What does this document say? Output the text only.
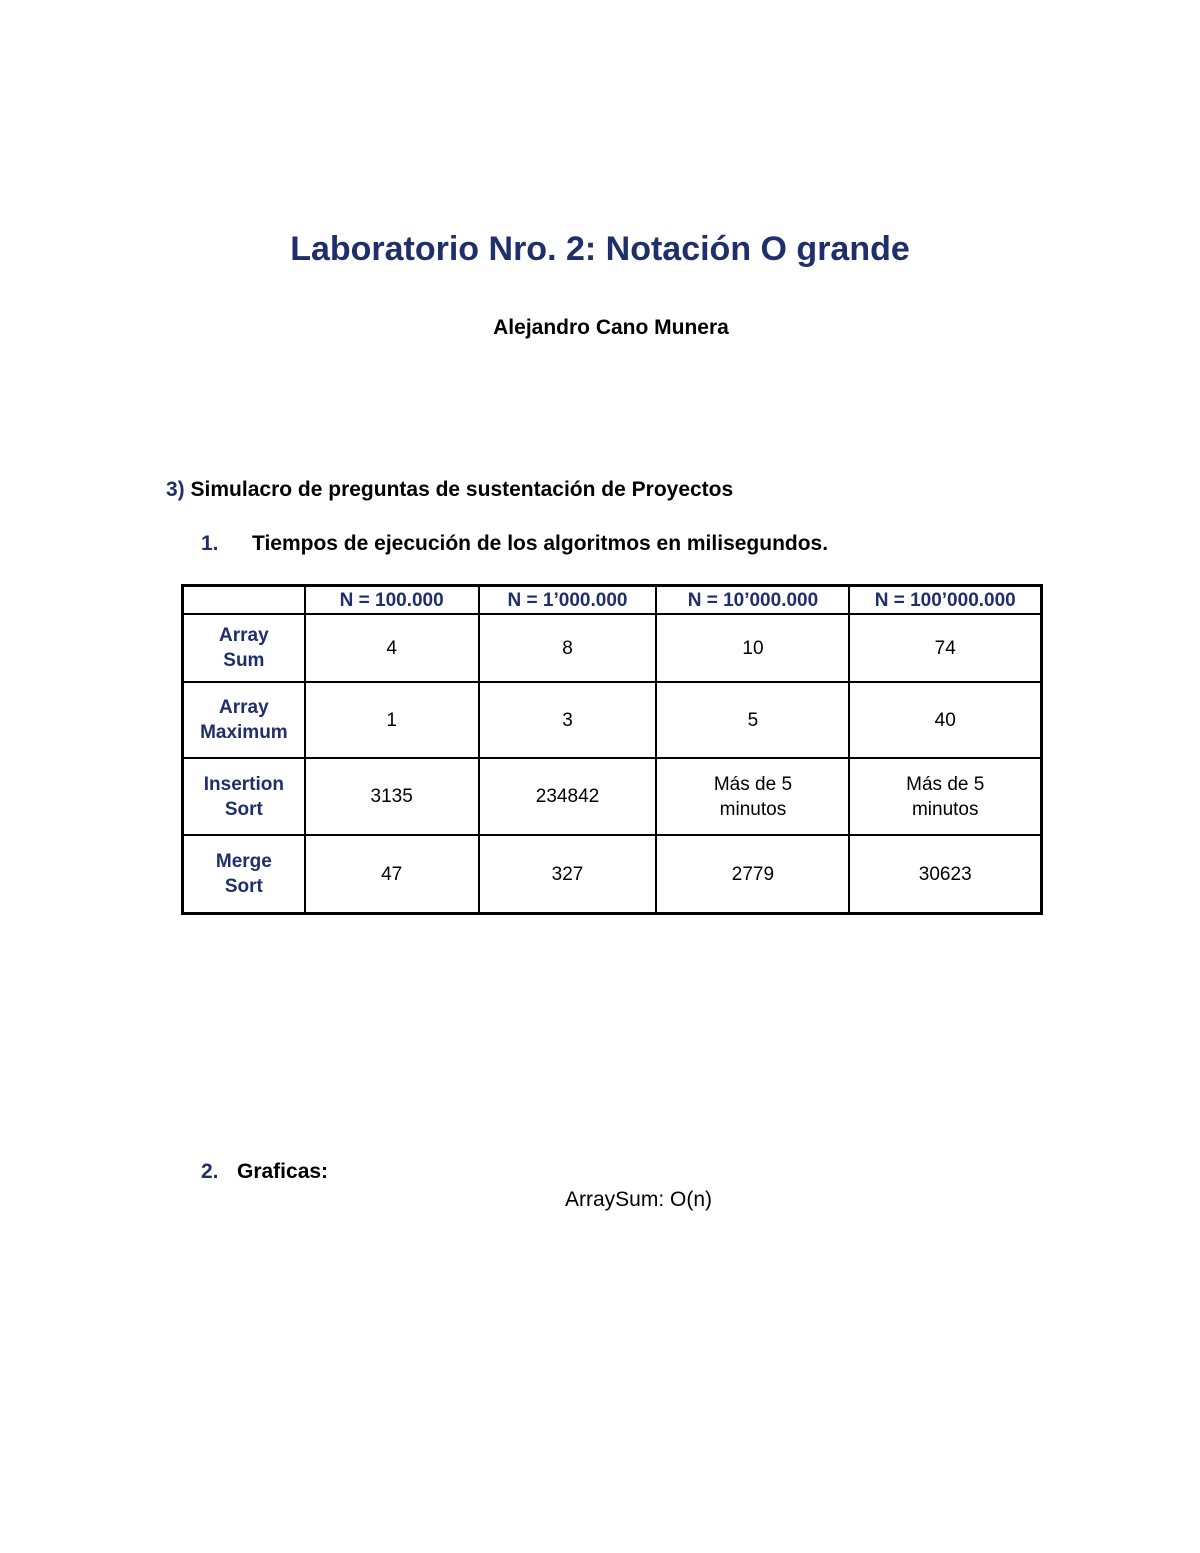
Laboratorio Nro. 2: Notación O grande

Alejandro Cano Munera

3) Simulacro de preguntas de sustentación de Proyectos

1. Tiempos de ejecución de los algoritmos en milisegundos.

	N = 100.000	N = 1’000.000	N = 10’000.000	N = 100’000.000
Array
Sum	4	8	10	74
Array
Maximum	1	3	5	40
Insertion
Sort	3135	234842	Más de 5 minutos	Más de 5 minutos
Merge
Sort	47	327	2779	30623

2. Graficas:

ArraySum: O(n)
